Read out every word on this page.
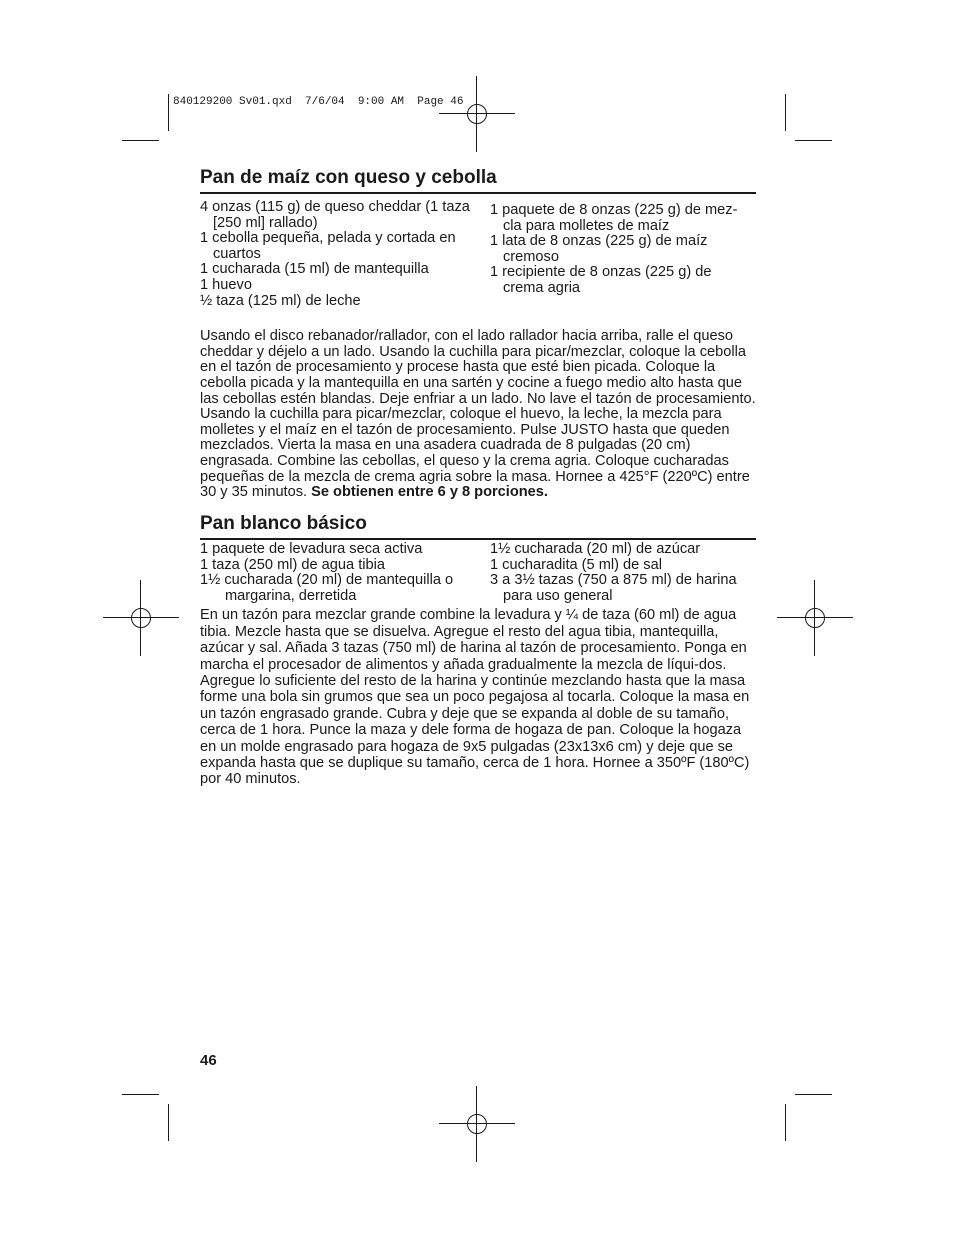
840129200 Sv01.qxd  7/6/04  9:00 AM  Page 46
Pan de maíz con queso y cebolla
4 onzas (115 g) de queso cheddar (1 taza [250 ml] rallado)
1 cebolla pequeña, pelada y cortada en cuartos
1 cucharada (15 ml) de mantequilla
1 huevo
½ taza (125 ml) de leche
1 paquete de 8 onzas (225 g) de mez-cla para molletes de maíz
1 lata de 8 onzas (225 g) de maíz cremoso
1 recipiente de 8 onzas (225 g) de crema agria

Usando el disco rebanador/rallador, con el lado rallador hacia arriba, ralle el queso cheddar y déjelo a un lado. Usando la cuchilla para picar/mezclar, coloque la cebolla en el tazón de procesamiento y procese hasta que esté bien picada. Coloque la cebolla picada y la mantequilla en una sartén y cocine a fuego medio alto hasta que las cebollas estén blandas. Deje enfriar a un lado. No lave el tazón de procesamiento. Usando la cuchilla para picar/mezclar, coloque el huevo, la leche, la mezcla para molletes y el maíz en el tazón de procesamiento. Pulse JUSTO hasta que queden mezclados. Vierta la masa en una asadera cuadrada de 8 pulgadas (20 cm) engrasada. Combine las cebollas, el queso y la crema agria. Coloque cucharadas pequeñas de la mezcla de crema agria sobre la masa. Hornee a 425°F (220ºC) entre 30 y 35 minutos. Se obtienen entre 6 y 8 porciones.

Pan blanco básico
1 paquete de levadura seca activa
1 taza (250 ml) de agua tibia
1½ cucharada (20 ml) de mantequilla o margarina, derretida
1½ cucharada (20 ml) de azúcar
1 cucharadita (5 ml) de sal
3 a 3½ tazas (750 a 875 ml) de harina para uso general

En un tazón para mezclar grande combine la levadura y ¼ de taza (60 ml) de agua tibia. Mezcle hasta que se disuelva. Agregue el resto del agua tibia, mantequilla, azúcar y sal. Añada 3 tazas (750 ml) de harina al tazón de procesamiento. Ponga en marcha el procesador de alimentos y añada gradualmente la mezcla de líqui-dos. Agregue lo suficiente del resto de la harina y continúe mezclando hasta que la masa forme una bola sin grumos que sea un poco pegajosa al tocarla. Coloque la masa en un tazón engrasado grande. Cubra y deje que se expanda al doble de su tamaño, cerca de 1 hora. Punce la maza y dele forma de hogaza de pan. Coloque la hogaza en un molde engrasado para hogaza de 9x5 pulgadas (23x13x6 cm) y deje que se expanda hasta que se duplique su tamaño, cerca de 1 hora. Hornee a 350ºF (180ºC) por 40 minutos.

46
